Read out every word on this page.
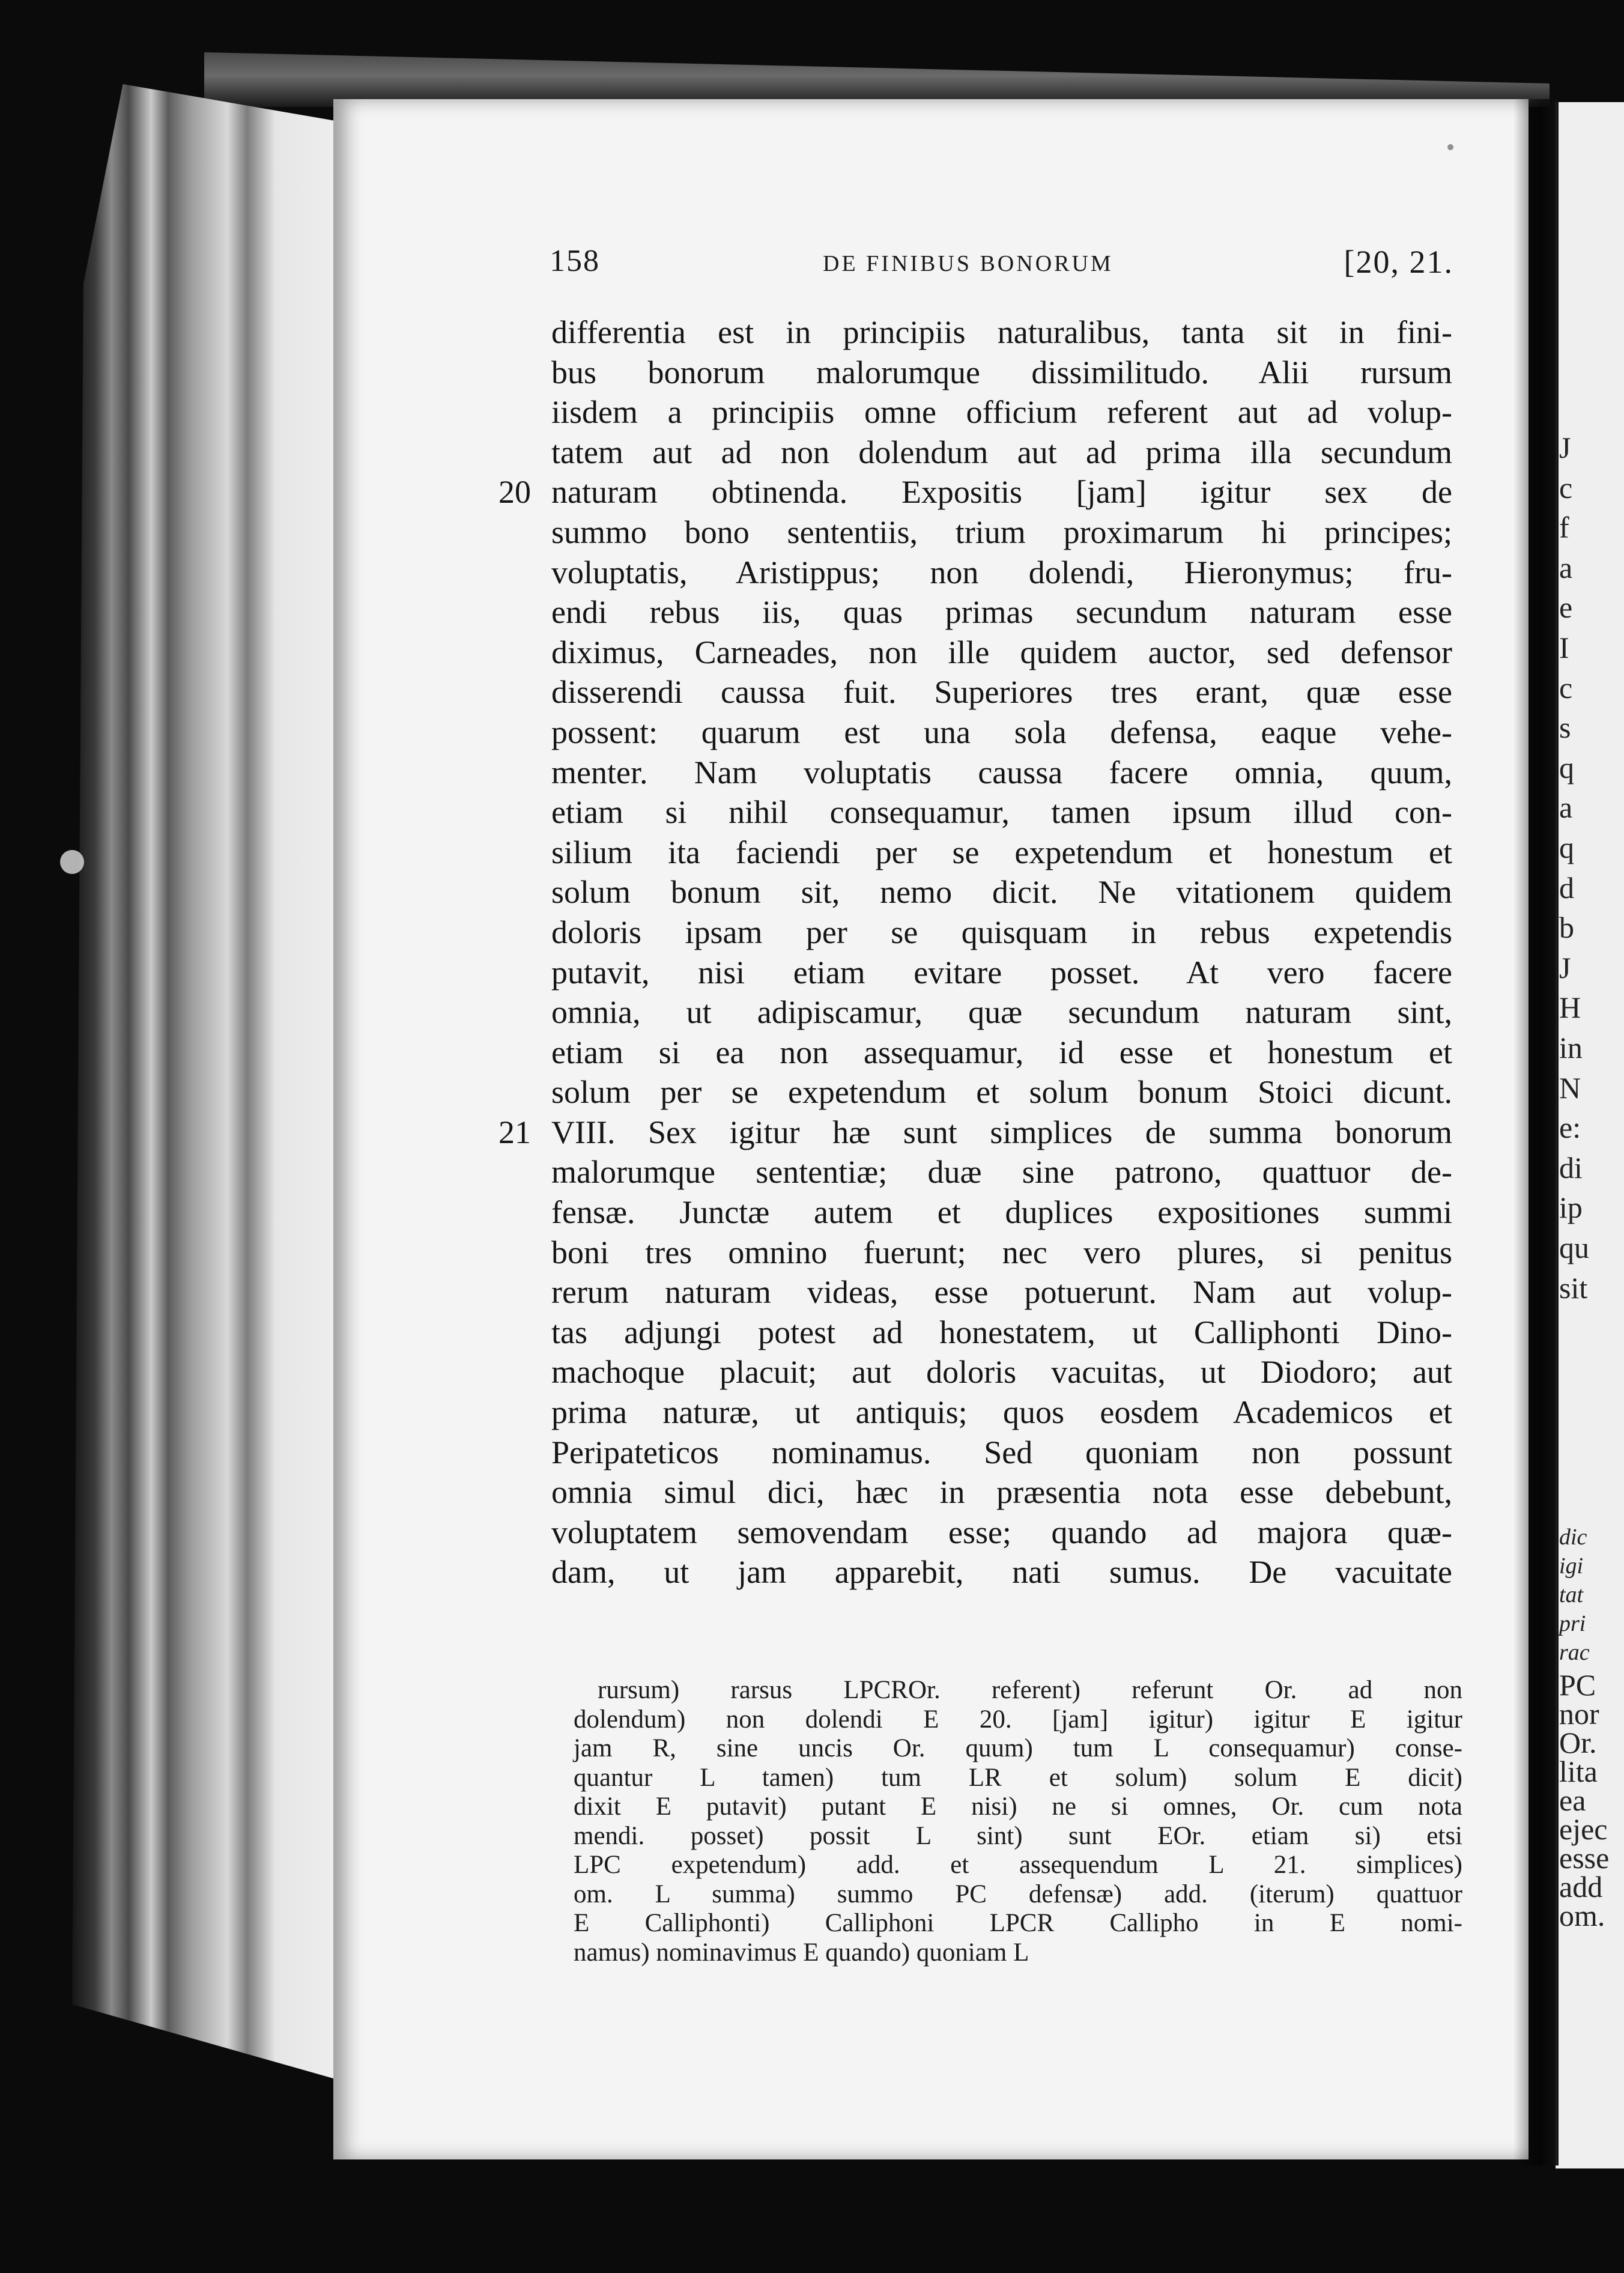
J
c
f
a
e
I
c
s
q
a
q
d
b
J
H
in
N
e:
di
ip
qu
sit
dic
igi
tat
pri
rac
PC
nor
Or.
lita
ea
ejec
esse
add
om.
158	DE FINIBUS BONORUM	[20, 21.
differentia est in principiis naturalibus, tanta sit in fini-
bus bonorum malorumque dissimilitudo. Alii rursum
iisdem a principiis omne officium referent aut ad volup-
tatem aut ad non dolendum aut ad prima illa secundum
20 naturam obtinenda. Expositis [jam] igitur sex de
summo bono sententiis, trium proximarum hi principes;
voluptatis, Aristippus; non dolendi, Hieronymus; fru-
endi rebus iis, quas primas secundum naturam esse
diximus, Carneades, non ille quidem auctor, sed defensor
disserendi caussa fuit. Superiores tres erant, quæ esse
possent: quarum est una sola defensa, eaque vehe-
menter. Nam voluptatis caussa facere omnia, quum,
etiam si nihil consequamur, tamen ipsum illud con-
silium ita faciendi per se expetendum et honestum et
solum bonum sit, nemo dicit. Ne vitationem quidem
doloris ipsam per se quisquam in rebus expetendis
putavit, nisi etiam evitare posset. At vero facere
omnia, ut adipiscamur, quæ secundum naturam sint,
etiam si ea non assequamur, id esse et honestum et
solum per se expetendum et solum bonum Stoici dicunt.
21 VIII. Sex igitur hæ sunt simplices de summa bonorum
malorumque sententiæ; duæ sine patrono, quattuor de-
fensæ. Junctæ autem et duplices expositiones summi
boni tres omnino fuerunt; nec vero plures, si penitus
rerum naturam videas, esse potuerunt. Nam aut volup-
tas adjungi potest ad honestatem, ut Calliphonti Dino-
machoque placuit; aut doloris vacuitas, ut Diodoro; aut
prima naturæ, ut antiquis; quos eosdem Academicos et
Peripateticos nominamus. Sed quoniam non possunt
omnia simul dici, hæc in præsentia nota esse debebunt,
voluptatem semovendam esse; quando ad majora quæ-
dam, ut jam apparebit, nati sumus. De vacuitate
rursum) rarsus LPCROr. referent) referunt Or. ad non
dolendum) non dolendi E 20. [jam] igitur) igitur E igitur
jam R, sine uncis Or. quum) tum L consequamur) conse-
quantur L tamen) tum LR et solum) solum E dicit)
dixit E putavit) putant E nisi) ne si omnes, Or. cum nota
mendi. posset) possit L sint) sunt EOr. etiam si) etsi
LPC expetendum) add. et assequendum L 21. simplices)
om. L summa) summo PC defensæ) add. (iterum) quattuor
E Calliphonti) Calliphoni LPCR Callipho in E nomi-
namus) nominavimus E quando) quoniam L
